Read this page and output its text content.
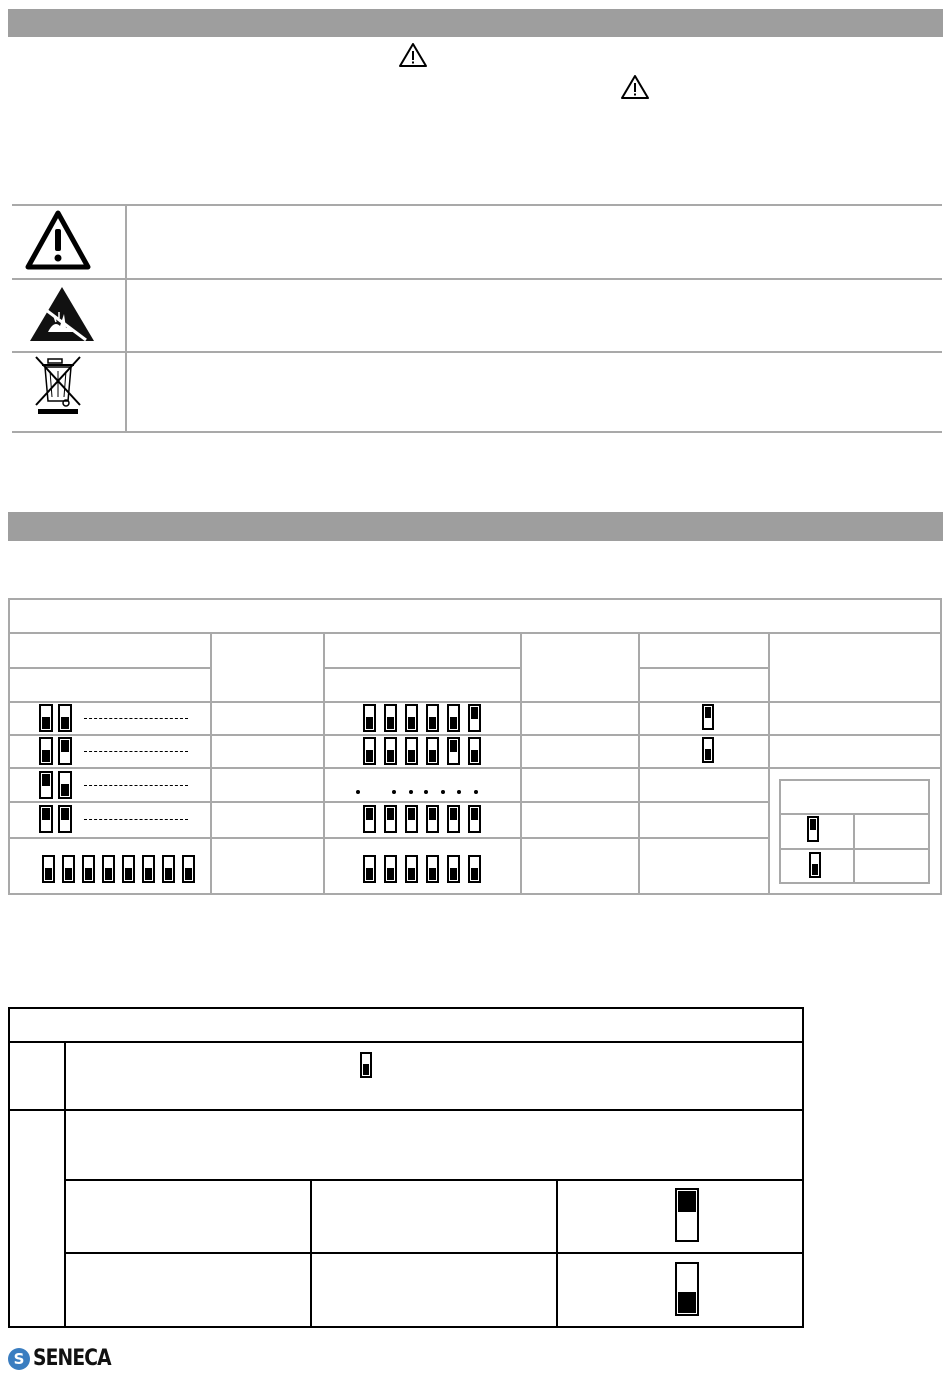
S SENECA
